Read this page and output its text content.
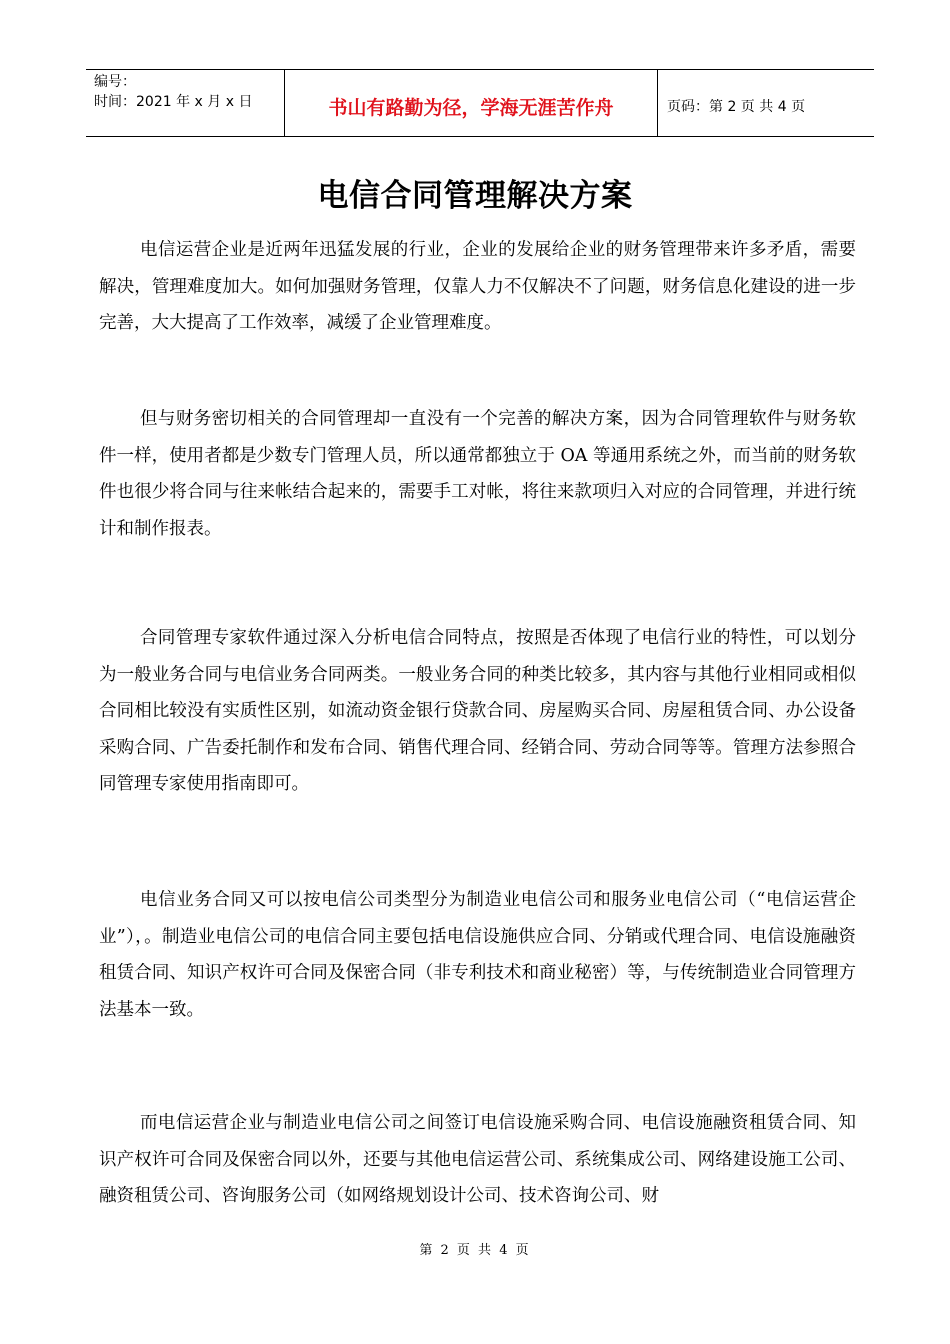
编号：
时间：2021 年 x 月 x 日	书山有路勤为径，学海无涯苦作舟	页码：第 2 页 共 4 页
电信合同管理解决方案

电信运营企业是近两年迅猛发展的行业，企业的发展给企业的财务管理带来许多矛盾，需要解决，管理难度加大。如何加强财务管理，仅靠人力不仅解决不了问题，财务信息化建设的进一步完善，大大提高了工作效率，减缓了企业管理难度。

但与财务密切相关的合同管理却一直没有一个完善的解决方案，因为合同管理软件与财务软件一样，使用者都是少数专门管理人员，所以通常都独立于 OA 等通用系统之外，而当前的财务软件也很少将合同与往来帐结合起来的，需要手工对帐，将往来款项归入对应的合同管理，并进行统计和制作报表。

合同管理专家软件通过深入分析电信合同特点，按照是否体现了电信行业的特性，可以划分为一般业务合同与电信业务合同两类。一般业务合同的种类比较多，其内容与其他行业相同或相似合同相比较没有实质性区别，如流动资金银行贷款合同、房屋购买合同、房屋租赁合同、办公设备采购合同、广告委托制作和发布合同、销售代理合同、经销合同、劳动合同等等。管理方法参照合同管理专家使用指南即可。

电信业务合同又可以按电信公司类型分为制造业电信公司和服务业电信公司（“电信运营企业”），。制造业电信公司的电信合同主要包括电信设施供应合同、分销或代理合同、电信设施融资租赁合同、知识产权许可合同及保密合同（非专利技术和商业秘密）等，与传统制造业合同管理方法基本一致。

而电信运营企业与制造业电信公司之间签订电信设施采购合同、电信设施融资租赁合同、知识产权许可合同及保密合同以外，还要与其他电信运营公司、系统集成公司、网络建设施工公司、融资租赁公司、咨询服务公司（如网络规划设计公司、技术咨询公司、财

第 2 页 共 4 页
